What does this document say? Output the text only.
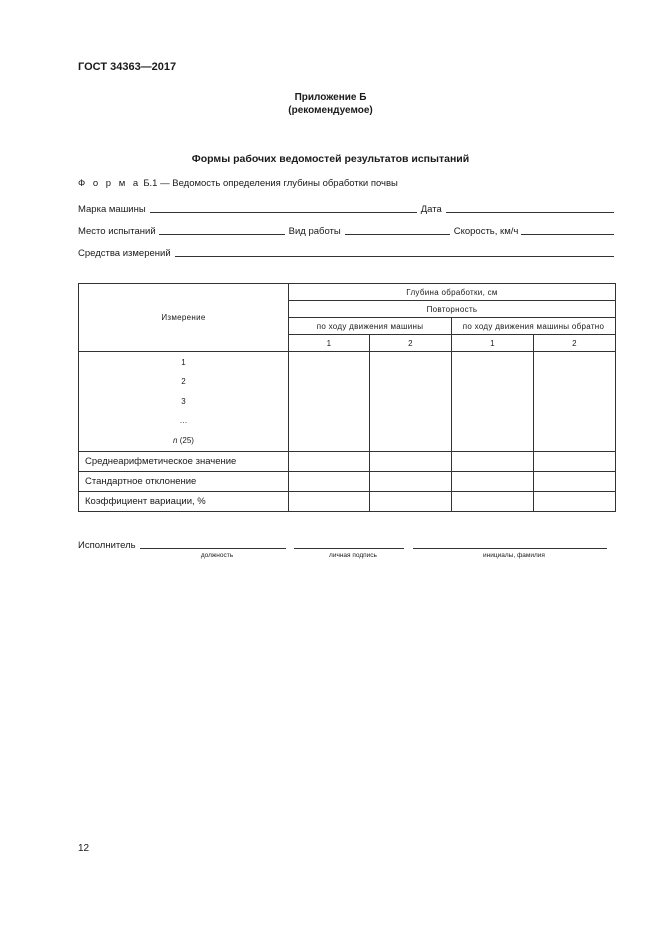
ГОСТ 34363—2017
Приложение Б
(рекомендуемое)
Формы рабочих ведомостей результатов испытаний
Ф о р м а Б.1 — Ведомость определения глубины обработки почвы
Марка машины	Дата
Место испытаний	Вид работы	Скорость, км/ч
Средства измерений
Измерение	Глубина обработки, см			
	Повторность			
	по ходу движения машины		по ходу движения машины обратно	
	1	2	1	2

1
2
3
…
n (25)				

Среднеарифметическое значение				
Стандартное отклонение				
Коэффициент вариации, %				
Исполнитель
должность	личная подпись	инициалы, фамилия
12
